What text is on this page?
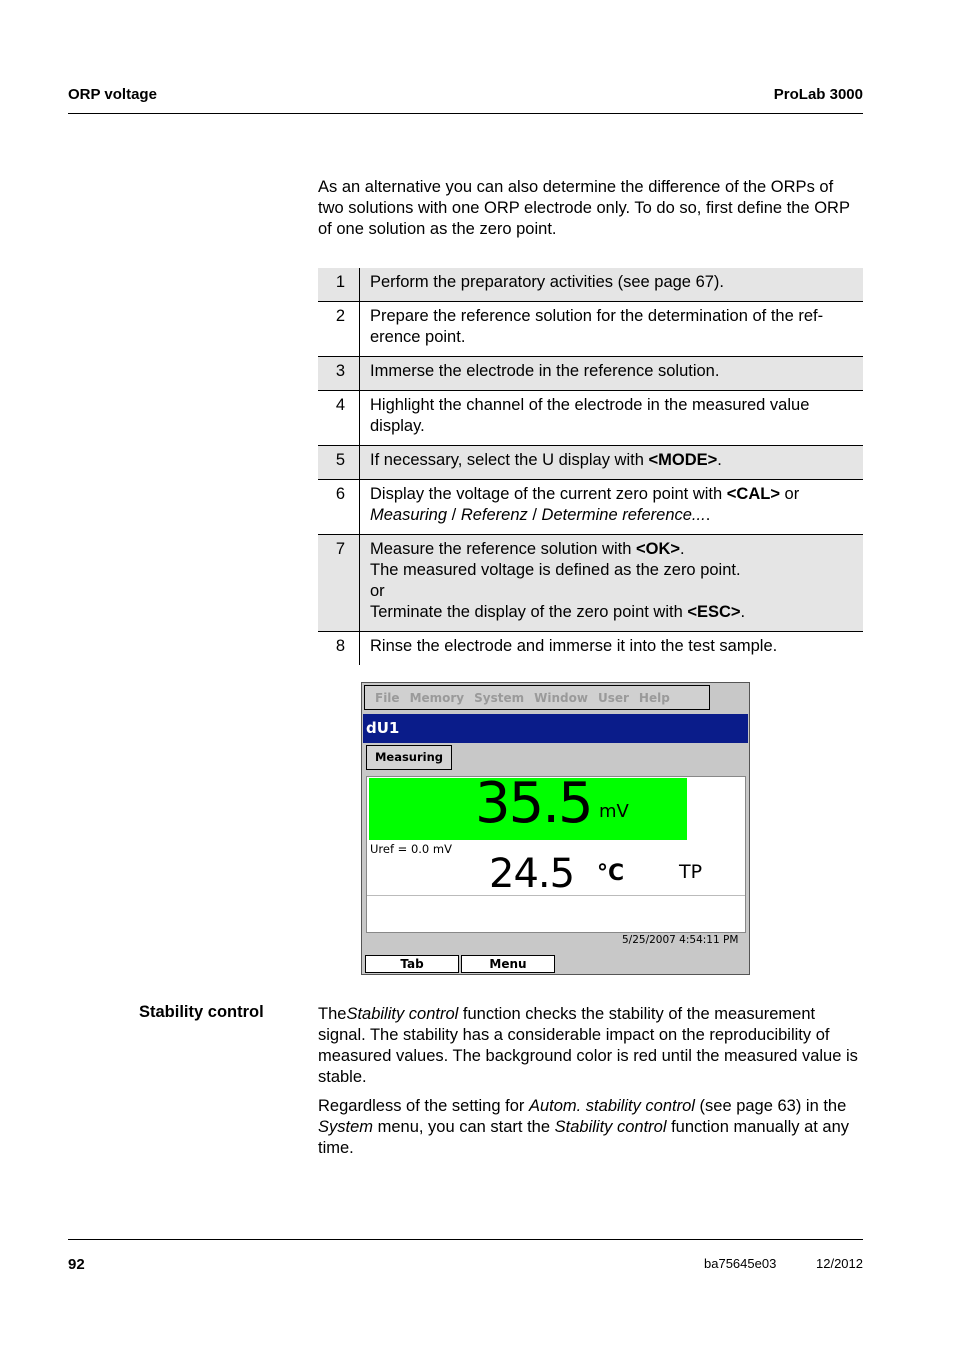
ORP voltage	ProLab 3000

As an alternative you can also determine the difference of the ORPs of two solutions with one ORP electrode only. To do so, first define the ORP of one solution as the zero point.

1	Perform the preparatory activities (see page 67).
2	Prepare the reference solution for the determination of the ref-
erence point.
3	Immerse the electrode in the reference solution.
4	Highlight the channel of the electrode in the measured value display.
5	If necessary, select the U display with <MODE>.
6	Display the voltage of the current zero point with <CAL> or
Measuring / Referenz / Determine reference....
7	Measure the reference solution with <OK>.
The measured voltage is defined as the zero point.
or
Terminate the display of the zero point with <ESC>.
8	Rinse the electrode and immerse it into the test sample.
File Memory System Window User Help
dU1
Measuring
35.5 mV
Uref = 0.0 mV
24.5 °C	TP
5/25/2007 4:54:11 PM
Tab	Menu
Stability control	TheStability control function checks the stability of the measurement signal. The stability has a considerable impact on the reproducibility of measured values. The background color is red until the measured value is stable.

Regardless of the setting for Autom. stability control (see page 63) in the System menu, you can start the Stability control function manually at any time.

92	ba75645e03	12/2012
